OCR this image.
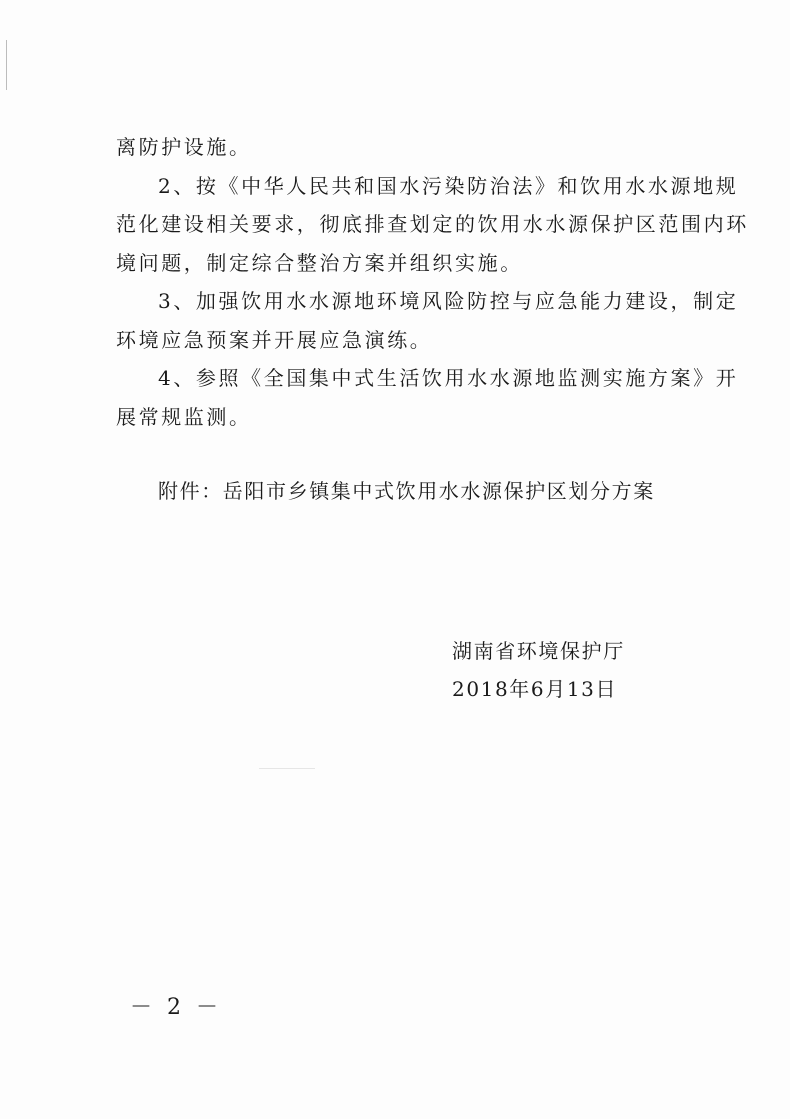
离防护设施。
2、按《中华人民共和国水污染防治法》和饮用水水源地规
范化建设相关要求，彻底排查划定的饮用水水源保护区范围内环
境问题，制定综合整治方案并组织实施。
3、加强饮用水水源地环境风险防控与应急能力建设，制定
环境应急预案并开展应急演练。
4、参照《全国集中式生活饮用水水源地监测实施方案》开
展常规监测。
附件：岳阳市乡镇集中式饮用水水源保护区划分方案
湖南省环境保护厅
2018年6月13日
－ 2 －
